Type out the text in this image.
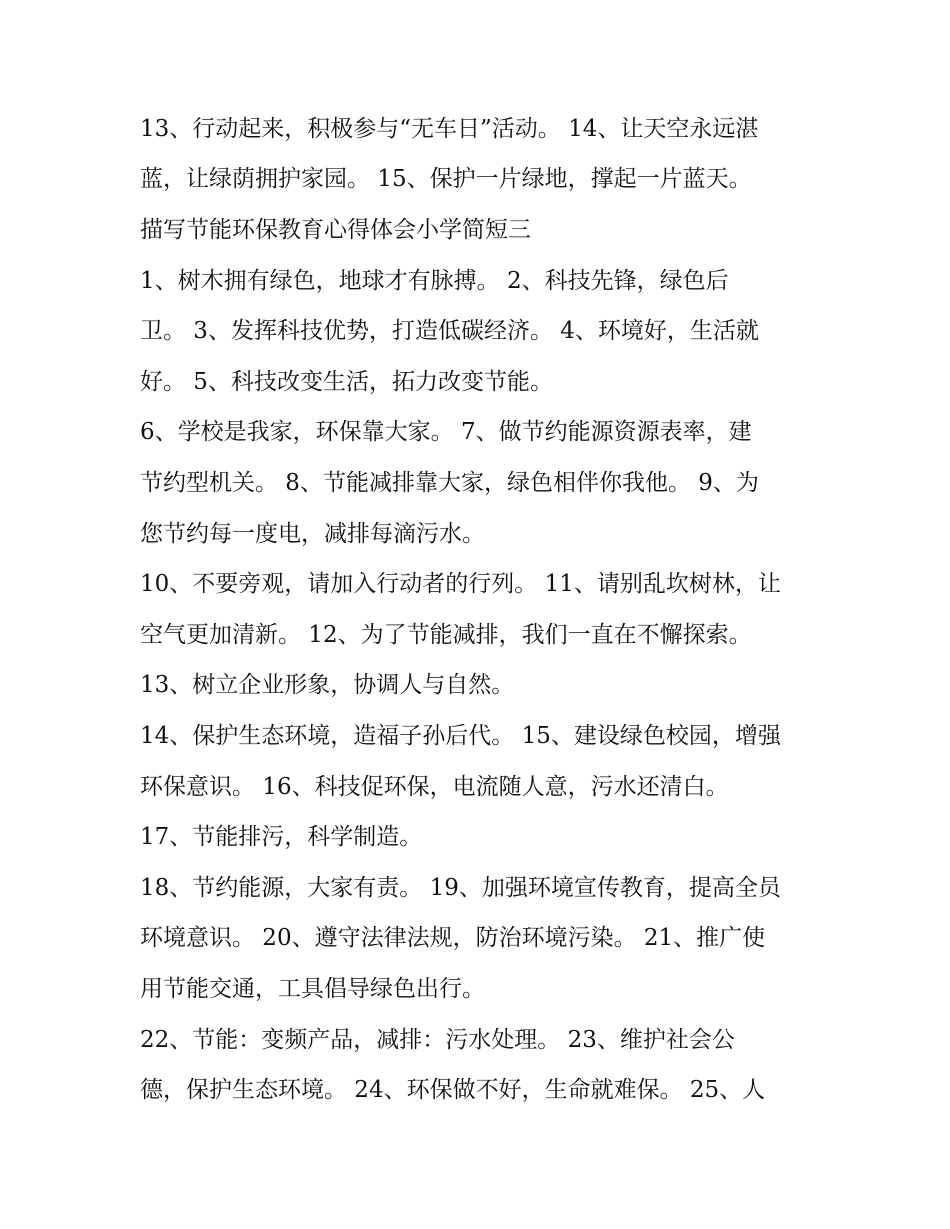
13、行动起来，积极参与“无车日”活动。 14、让天空永远湛
蓝，让绿荫拥护家园。 15、保护一片绿地，撑起一片蓝天。
描写节能环保教育心得体会小学简短三
1、树木拥有绿色，地球才有脉搏。 2、科技先锋，绿色后
卫。 3、发挥科技优势，打造低碳经济。 4、环境好，生活就
好。 5、科技改变生活，拓力改变节能。
6、学校是我家，环保靠大家。 7、做节约能源资源表率，建
节约型机关。 8、节能减排靠大家，绿色相伴你我他。 9、为
您节约每一度电，减排每滴污水。
10、不要旁观，请加入行动者的行列。 11、请别乱坎树林，让
空气更加清新。 12、为了节能减排，我们一直在不懈探索。
13、树立企业形象，协调人与自然。
14、保护生态环境，造福子孙后代。 15、建设绿色校园，增强
环保意识。 16、科技促环保，电流随人意，污水还清白。
17、节能排污，科学制造。
18、节约能源，大家有责。 19、加强环境宣传教育，提高全员
环境意识。 20、遵守法律法规，防治环境污染。 21、推广使
用节能交通，工具倡导绿色出行。
22、节能：变频产品，减排：污水处理。 23、维护社会公
德，保护生态环境。 24、环保做不好，生命就难保。 25、人
